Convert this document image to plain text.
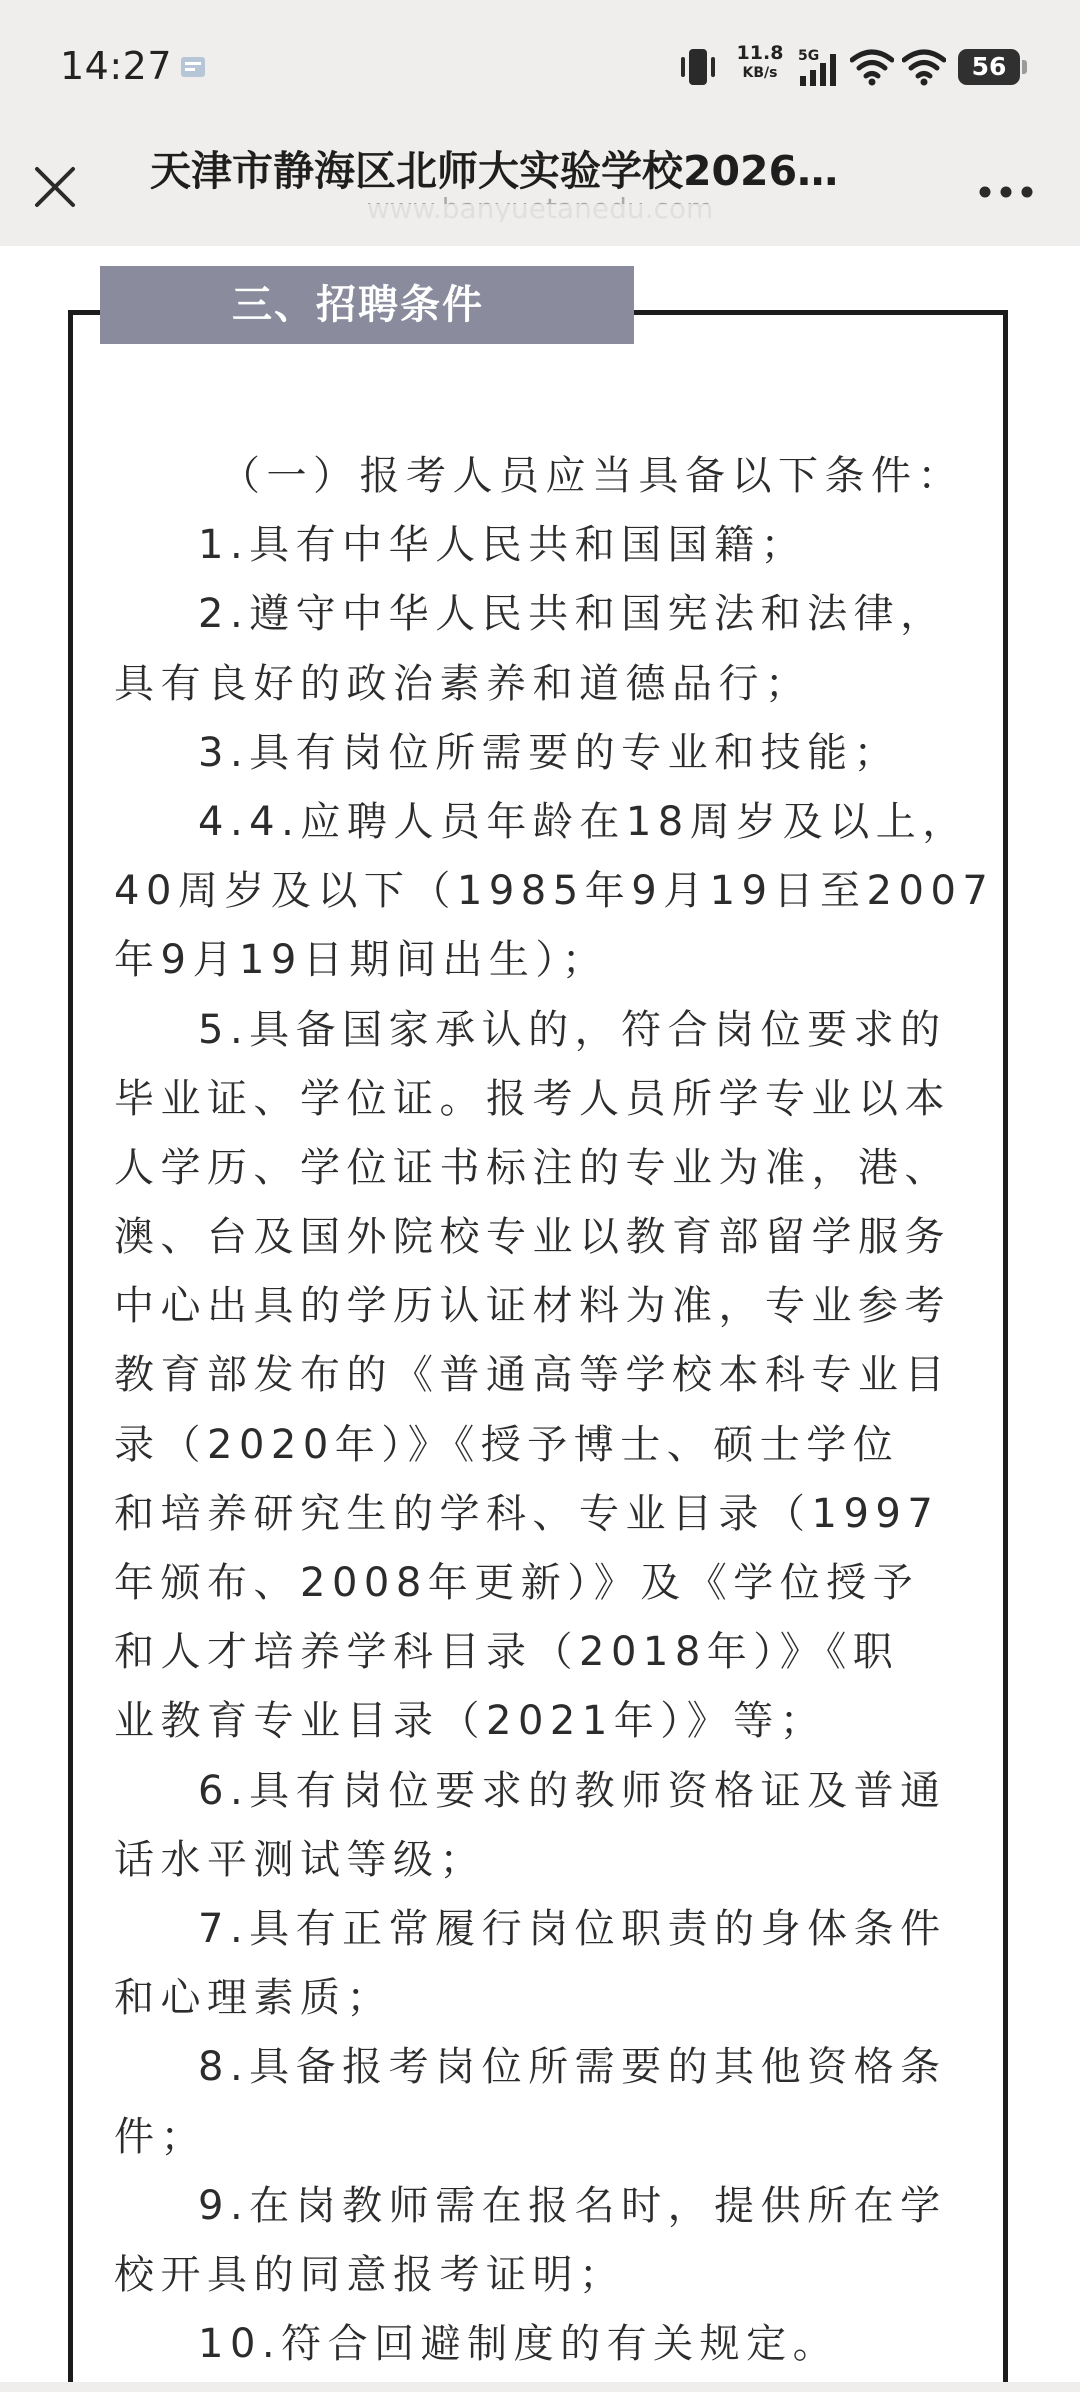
14:27	11.8
KB/s
5G	56
天津市静海区北师大实验学校2026…
三、招聘条件
（一）报考人员应当具备以下条件：
1.具有中华人民共和国国籍；
2.遵守中华人民共和国宪法和法律，
具有良好的政治素养和道德品行；
3.具有岗位所需要的专业和技能；
4.4.应聘人员年龄在18周岁及以上，
40周岁及以下（1985年9月19日至2007
年9月19日期间出生）；
5.具备国家承认的，符合岗位要求的
毕业证、学位证。报考人员所学专业以本
人学历、学位证书标注的专业为准，港、
澳、台及国外院校专业以教育部留学服务
中心出具的学历认证材料为准，专业参考
教育部发布的《普通高等学校本科专业目
录（2020年）》《授予博士、硕士学位
和培养研究生的学科、专业目录（1997
年颁布、2008年更新）》及《学位授予
和人才培养学科目录（2018年）》《职
业教育专业目录（2021年）》等；
6.具有岗位要求的教师资格证及普通
话水平测试等级；
7.具有正常履行岗位职责的身体条件
和心理素质；
8.具备报考岗位所需要的其他资格条
件；
9.在岗教师需在报名时，提供所在学
校开具的同意报考证明；
10.符合回避制度的有关规定。
